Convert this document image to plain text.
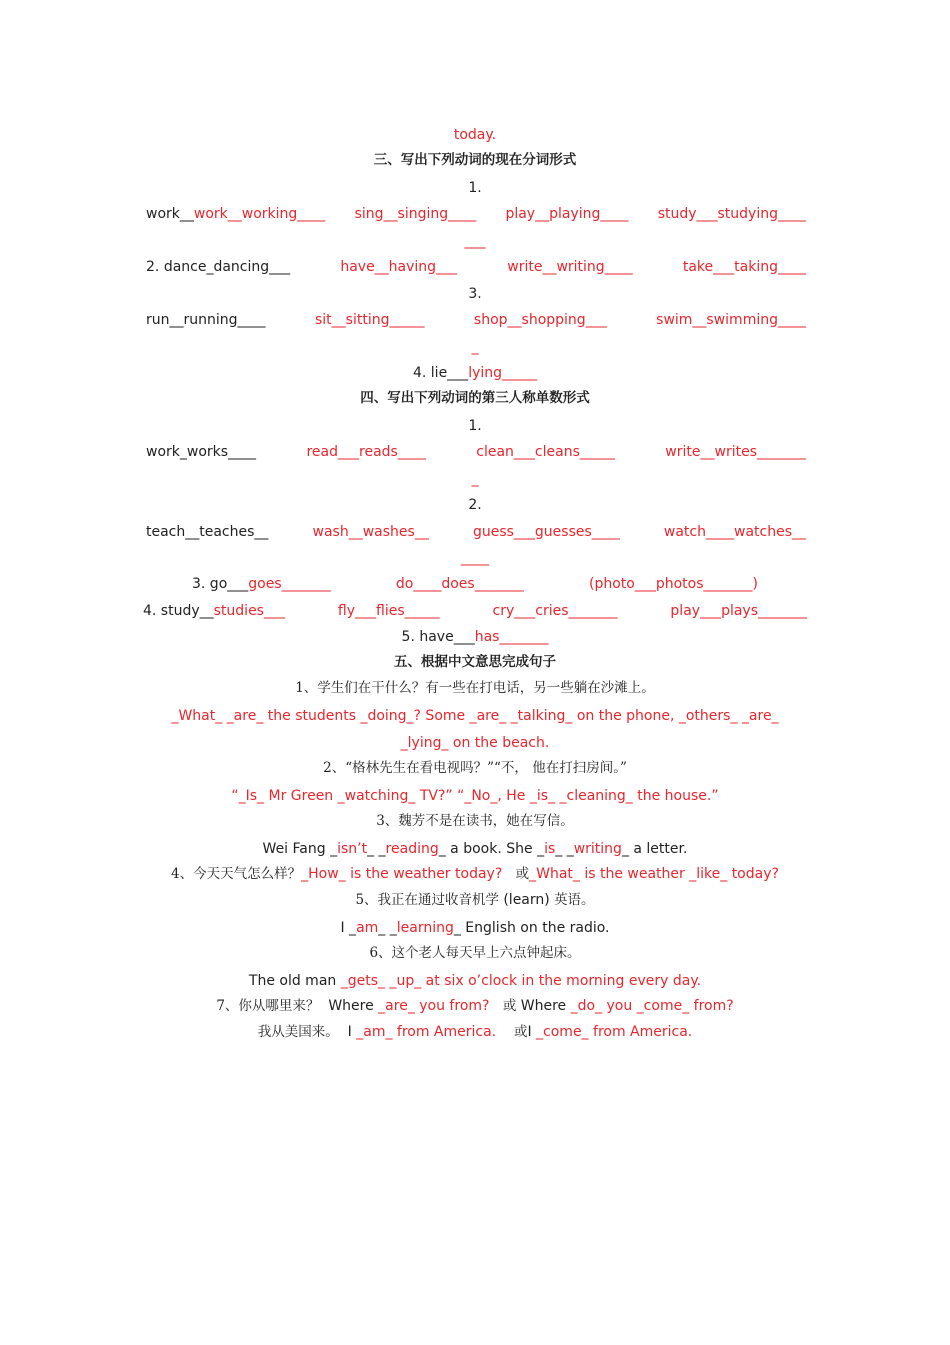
today.
三、写出下列动词的现在分词形式
1.
work__work__working____ sing__singing____ play__playing____ study___studying____
___
2. dance_dancing___	have__having___	write__writing____	take___taking____
3.
run__running____	sit__sitting_____	shop__shopping___	swim__swimming____
_
4. lie___lying_____
四、写出下列动词的第三人称单数形式
1.
work_works____	read___reads____	clean___cleans_____	write__writes_______
_
2.
teach__teaches__	wash__washes__	guess___guesses____	watch____watches__
____
3. go___goes_______	do____does_______	(photo___photos_______)
4. study__studies___	fly___flies_____	cry___cries_______	play___plays_______
5. have___has_______
五、根据中文意思完成句子
1、学生们在干什么？有一些在打电话，另一些躺在沙滩上。
_What_ _are_ the students _doing_? Some _are_ _talking_ on the phone, _others_ _are_
_lying_ on the beach.
2、“格林先生在看电视吗？”“不， 他在打扫房间。”
“_Is_ Mr Green _watching_ TV?” “_No_, He _is_ _cleaning_ the house.”
3、魏芳不是在读书，她在写信。
Wei Fang _isn’t_ _reading_ a book. She _is_ _writing_ a letter.
4、今天天气怎么样？_How_ is the weather today? 或_What_ is the weather _like_ today?
5、我正在通过收音机学 (learn) 英语。
I _am_ _learning_ English on the radio.
6、这个老人每天早上六点钟起床。
The old man _gets_ _up_ at six o’clock in the morning every day.
7、你从哪里来？ Where _are_ you from? 或 Where _do_ you _come_ from?
我从美国来。 I _am_ from America. 或I _come_ from America.
